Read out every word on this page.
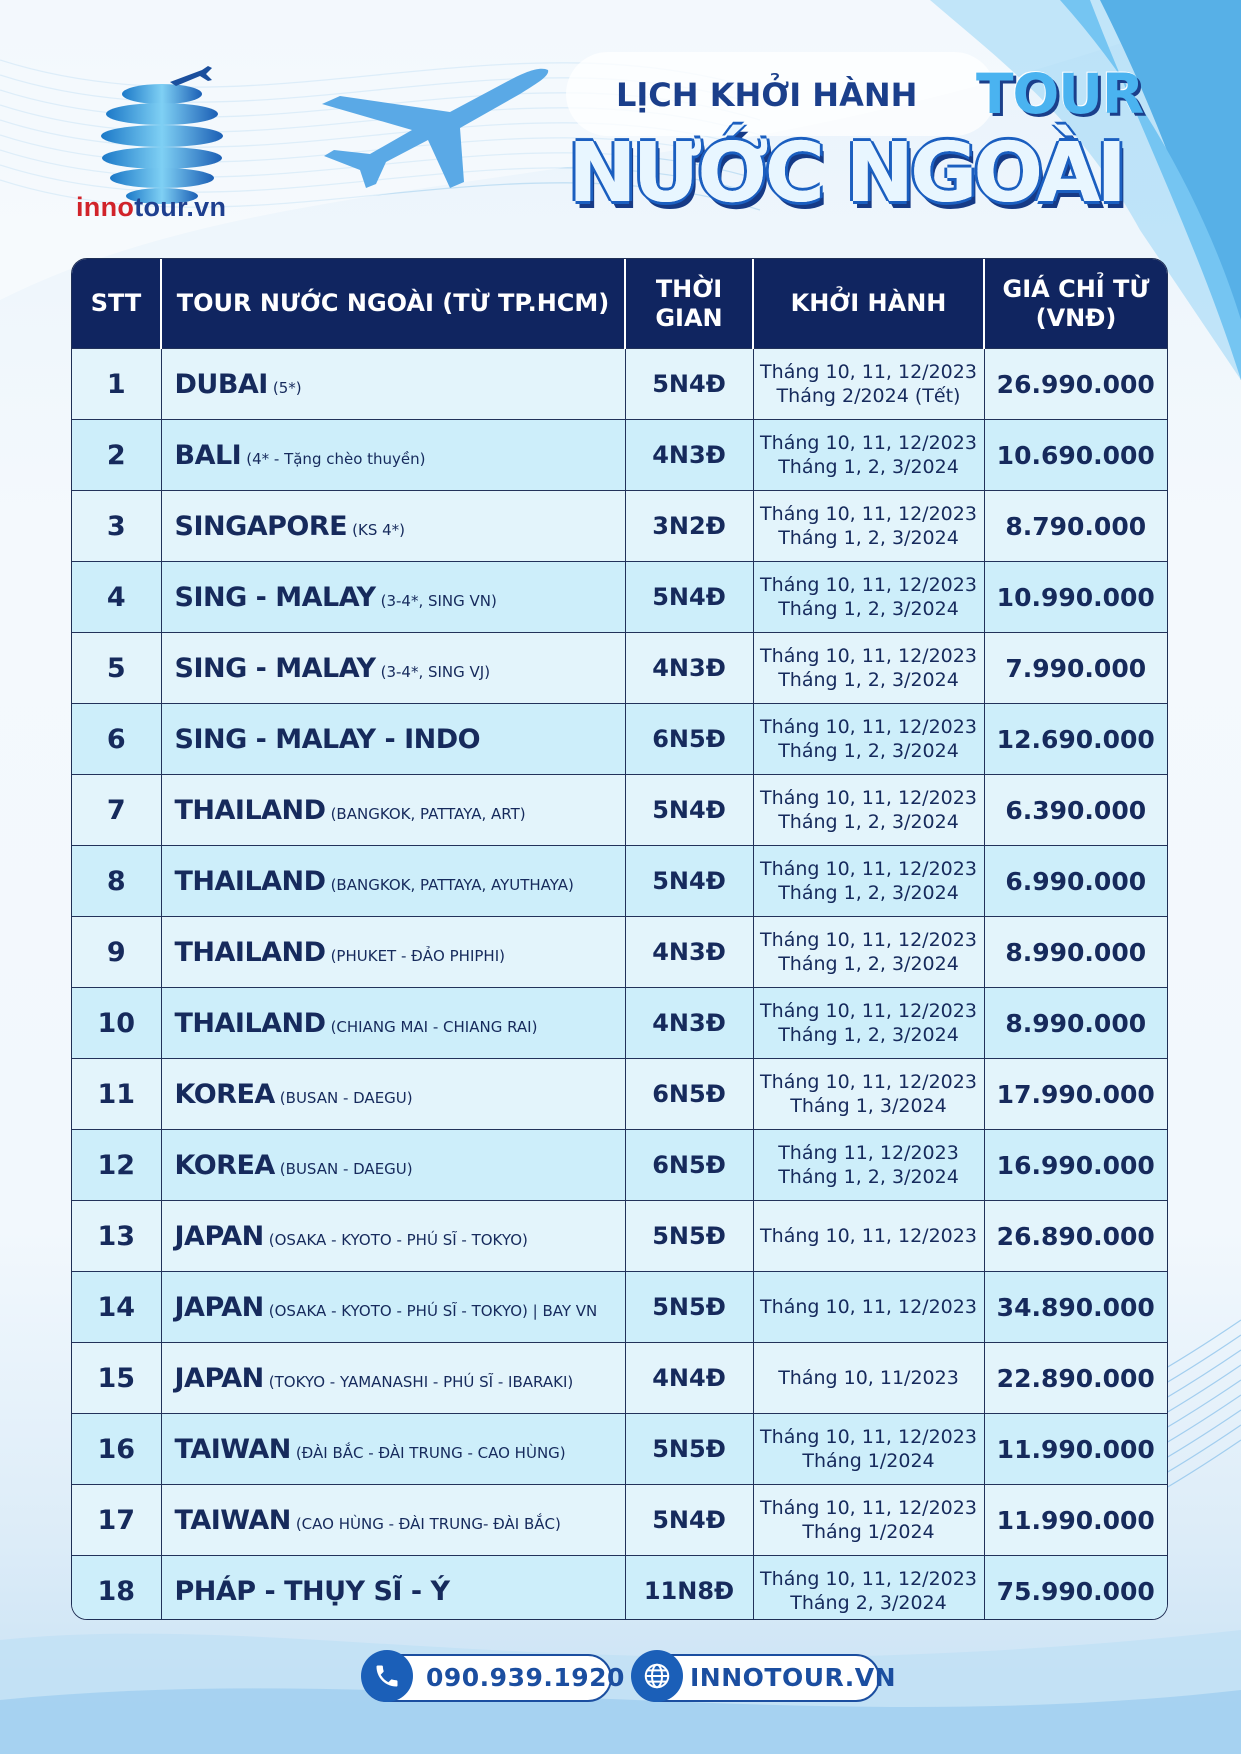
innotour.vn
LỊCH KHỞI HÀNH TOUR
NƯỚC NGOÀI
STT	TOUR NƯỚC NGOÀI (TỪ TP.HCM)	THỜI
GIAN	KHỞI HÀNH	GIÁ CHỈ TỪ
(VNĐ)
1	DUBAI (5*)	5N4Đ	Tháng 10, 11, 12/2023
Tháng 2/2024 (Tết)	26.990.000
2	BALI (4* - Tặng chèo thuyền)	4N3Đ	Tháng 10, 11, 12/2023
Tháng 1, 2, 3/2024	10.690.000
3	SINGAPORE (KS 4*)	3N2Đ	Tháng 10, 11, 12/2023
Tháng 1, 2, 3/2024	8.790.000
4	SING - MALAY (3-4*, SING VN)	5N4Đ	Tháng 10, 11, 12/2023
Tháng 1, 2, 3/2024	10.990.000
5	SING - MALAY (3-4*, SING VJ)	4N3Đ	Tháng 10, 11, 12/2023
Tháng 1, 2, 3/2024	7.990.000
6	SING - MALAY - INDO	6N5Đ	Tháng 10, 11, 12/2023
Tháng 1, 2, 3/2024	12.690.000
7	THAILAND (BANGKOK, PATTAYA, ART)	5N4Đ	Tháng 10, 11, 12/2023
Tháng 1, 2, 3/2024	6.390.000
8	THAILAND (BANGKOK, PATTAYA, AYUTHAYA)	5N4Đ	Tháng 10, 11, 12/2023
Tháng 1, 2, 3/2024	6.990.000
9	THAILAND (PHUKET - ĐẢO PHIPHI)	4N3Đ	Tháng 10, 11, 12/2023
Tháng 1, 2, 3/2024	8.990.000
10	THAILAND (CHIANG MAI - CHIANG RAI)	4N3Đ	Tháng 10, 11, 12/2023
Tháng 1, 2, 3/2024	8.990.000
11	KOREA (BUSAN - DAEGU)	6N5Đ	Tháng 10, 11, 12/2023
Tháng 1, 3/2024	17.990.000
12	KOREA (BUSAN - DAEGU)	6N5Đ	Tháng 11, 12/2023
Tháng 1, 2, 3/2024	16.990.000
13	JAPAN (OSAKA - KYOTO - PHÚ SĨ - TOKYO)	5N5Đ	Tháng 10, 11, 12/2023	26.890.000
14	JAPAN (OSAKA - KYOTO - PHÚ SĨ - TOKYO) | BAY VN	5N5Đ	Tháng 10, 11, 12/2023	34.890.000
15	JAPAN (TOKYO - YAMANASHI - PHÚ SĨ - IBARAKI)	4N4Đ	Tháng 10, 11/2023	22.890.000
16	TAIWAN (ĐÀI BẮC - ĐÀI TRUNG - CAO HÙNG)	5N5Đ	Tháng 10, 11, 12/2023
Tháng 1/2024	11.990.000
17	TAIWAN (CAO HÙNG - ĐÀI TRUNG- ĐÀI BẮC)	5N4Đ	Tháng 10, 11, 12/2023
Tháng 1/2024	11.990.000
18	PHÁP - THỤY SĨ - Ý	11N8Đ	Tháng 10, 11, 12/2023
Tháng 2, 3/2024	75.990.000
090.939.1920	INNOTOUR.VN
